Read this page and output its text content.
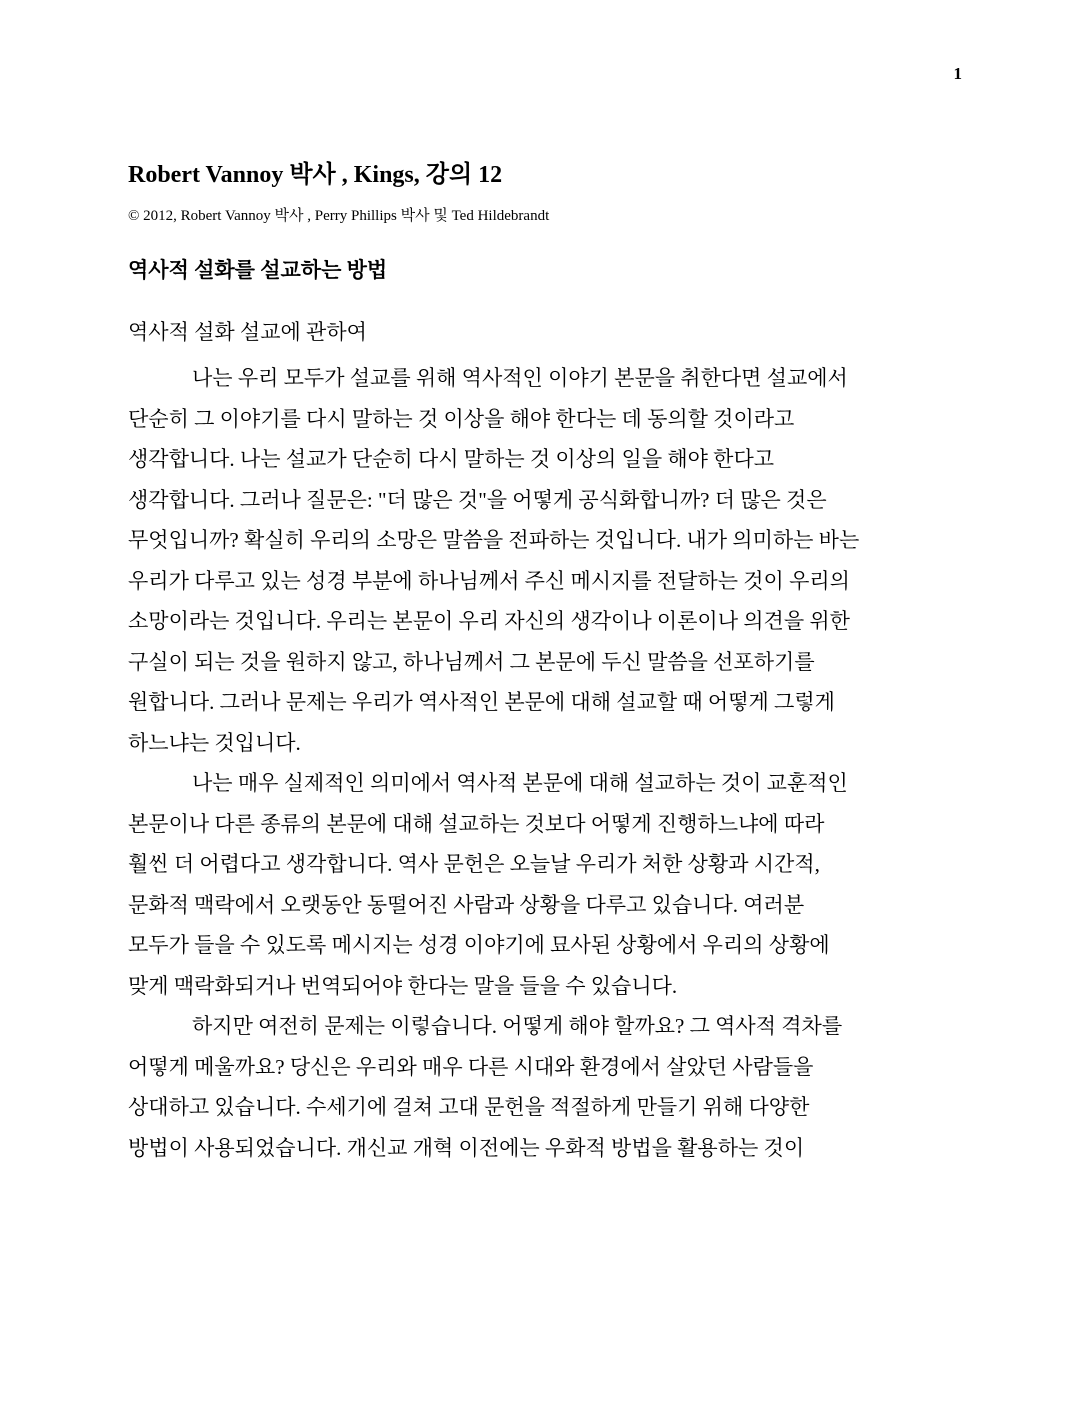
1
Robert Vannoy 박사 , Kings, 강의 12
© 2012, Robert Vannoy 박사 , Perry Phillips 박사 및 Ted Hildebrandt
역사적 설화를 설교하는 방법
역사적 설화 설교에 관하여
나는 우리 모두가 설교를 위해 역사적인 이야기 본문을 취한다면 설교에서
단순히 그 이야기를 다시 말하는 것 이상을 해야 한다는 데 동의할 것이라고
생각합니다. 나는 설교가 단순히 다시 말하는 것 이상의 일을 해야 한다고
생각합니다. 그러나 질문은: "더 많은 것"을 어떻게 공식화합니까? 더 많은 것은
무엇입니까? 확실히 우리의 소망은 말씀을 전파하는 것입니다. 내가 의미하는 바는
우리가 다루고 있는 성경 부분에 하나님께서 주신 메시지를 전달하는 것이 우리의
소망이라는 것입니다. 우리는 본문이 우리 자신의 생각이나 이론이나 의견을 위한
구실이 되는 것을 원하지 않고, 하나님께서 그 본문에 두신 말씀을 선포하기를
원합니다. 그러나 문제는 우리가 역사적인 본문에 대해 설교할 때 어떻게 그렇게
하느냐는 것입니다.
나는 매우 실제적인 의미에서 역사적 본문에 대해 설교하는 것이 교훈적인
본문이나 다른 종류의 본문에 대해 설교하는 것보다 어떻게 진행하느냐에 따라
훨씬 더 어렵다고 생각합니다. 역사 문헌은 오늘날 우리가 처한 상황과 시간적,
문화적 맥락에서 오랫동안 동떨어진 사람과 상황을 다루고 있습니다. 여러분
모두가 들을 수 있도록 메시지는 성경 이야기에 묘사된 상황에서 우리의 상황에
맞게 맥락화되거나 번역되어야 한다는 말을 들을 수 있습니다.
하지만 여전히 문제는 이렇습니다. 어떻게 해야 할까요? 그 역사적 격차를
어떻게 메울까요? 당신은 우리와 매우 다른 시대와 환경에서 살았던 사람들을
상대하고 있습니다. 수세기에 걸쳐 고대 문헌을 적절하게 만들기 위해 다양한
방법이 사용되었습니다. 개신교 개혁 이전에는 우화적 방법을 활용하는 것이
